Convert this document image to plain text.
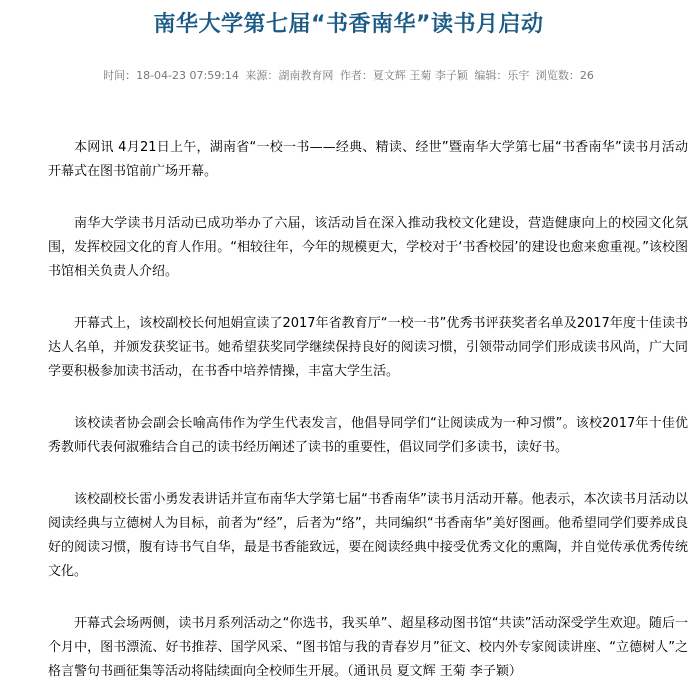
南华大学第七届“书香南华”读书月启动
时间：18-04-23 07:59:14 来源：湖南教育网 作者：夏文辉 王菊 李子颖 编辑：乐宇 浏览数：26

本网讯 4月21日上午，湖南省“一校一书——经典、精读、经世”暨南华大学第七届“书香南华”读书月活动开幕式在图书馆前广场开幕。

南华大学读书月活动已成功举办了六届，该活动旨在深入推动我校文化建设，营造健康向上的校园文化氛围，发挥校园文化的育人作用。“相较往年，今年的规模更大，学校对于‘书香校园’的建设也愈来愈重视。”该校图书馆相关负责人介绍。

开幕式上，该校副校长何旭娟宣读了2017年省教育厅“一校一书”优秀书评获奖者名单及2017年度十佳读书达人名单，并颁发获奖证书。她希望获奖同学继续保持良好的阅读习惯，引领带动同学们形成读书风尚，广大同学要积极参加读书活动，在书香中培养情操，丰富大学生活。

该校读者协会副会长喻高伟作为学生代表发言，他倡导同学们“让阅读成为一种习惯”。该校2017年十佳优秀教师代表何淑雅结合自己的读书经历阐述了读书的重要性，倡议同学们多读书，读好书。

该校副校长雷小勇发表讲话并宣布南华大学第七届“书香南华”读书月活动开幕。他表示，本次读书月活动以阅读经典与立德树人为目标，前者为“经”，后者为“络”，共同编织“书香南华”美好图画。他希望同学们要养成良好的阅读习惯，腹有诗书气自华，最是书香能致远，要在阅读经典中接受优秀文化的熏陶，并自觉传承优秀传统文化。

开幕式会场两侧，读书月系列活动之“你选书，我买单”、超星移动图书馆“共读”活动深受学生欢迎。随后一个月中，图书漂流、好书推荐、国学风采、“图书馆与我的青春岁月”征文、校内外专家阅读讲座、“立德树人”之格言警句书画征集等活动将陆续面向全校师生开展。（通讯员 夏文辉 王菊 李子颖）
